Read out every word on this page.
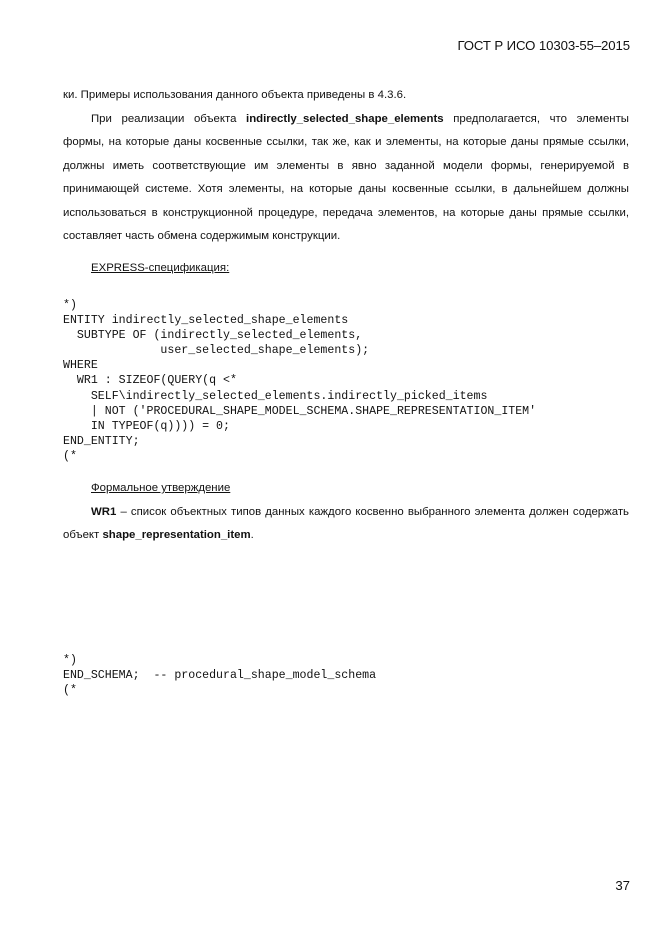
ГОСТ Р ИСО 10303-55–2015

ки. Примеры использования данного объекта приведены в 4.3.6.

При реализации объекта indirectly_selected_shape_elements предполагается, что элементы формы, на которые даны косвенные ссылки, так же, как и элементы, на которые даны прямые ссылки, должны иметь соответствующие им элементы в явно заданной модели формы, генерируемой в принимающей системе. Хотя элементы, на которые даны косвенные ссылки, в дальнейшем должны использоваться в конструкционной процедуре, передача элементов, на которые даны прямые ссылки, составляет часть обмена содержимым конструкции.

EXPRESS-спецификация:

*)
ENTITY indirectly_selected_shape_elements
SUBTYPE OF (indirectly_selected_elements,
user_selected_shape_elements);
WHERE
WR1 : SIZEOF(QUERY(q <*
SELF\indirectly_selected_elements.indirectly_picked_items
| NOT ('PROCEDURAL_SHAPE_MODEL_SCHEMA.SHAPE_REPRESENTATION_ITEM'
IN TYPEOF(q)))) = 0;
END_ENTITY;
(*

Формальное утверждение

WR1 – список объектных типов данных каждого косвенно выбранного элемента должен содержать объект shape_representation_item.

*)
END_SCHEMA;  -- procedural_shape_model_schema
(*
37
